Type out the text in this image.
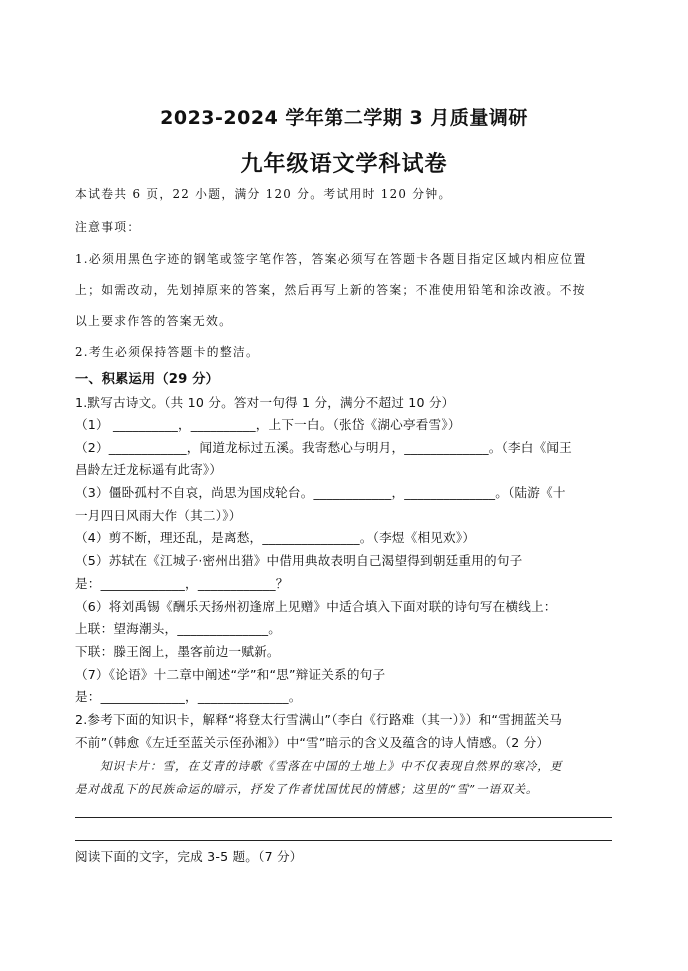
2023-2024 学年第二学期 3 月质量调研
九年级语文学科试卷
本试卷共 6 页，22 小题，满分 120 分。考试用时 120 分钟。
注意事项：
1.必须用黑色字迹的钢笔或签字笔作答，答案必须写在答题卡各题目指定区域内相应位置
上；如需改动，先划掉原来的答案，然后再写上新的答案；不准使用铅笔和涂改液。不按
以上要求作答的答案无效。
2.考生必须保持答题卡的整洁。
一、积累运用（29 分）
1.默写古诗文。（共 10 分。答对一句得 1 分，满分不超过 10 分）
（1） __________，__________，上下一白。（张岱《湖心亭看雪》）
（2）____________，闻道龙标过五溪。我寄愁心与明月，_____________。（李白《闻王
昌龄左迁龙标遥有此寄》）
（3）僵卧孤村不自哀，尚思为国戍轮台。____________，______________。（陆游《十
一月四日风雨大作（其二）》）
（4）剪不断，理还乱，是离愁，_______________。（李煜《相见欢》）
（5）苏轼在《江城子·密州出猎》中借用典故表明自己渴望得到朝廷重用的句子
是：_____________，____________？
（6）将刘禹锡《酬乐天扬州初逢席上见赠》中适合填入下面对联的诗句写在横线上：
上联：望海潮头，______________。
下联：滕王阁上，墨客前边一赋新。
（7）《论语》十二章中阐述“学”和“思”辩证关系的句子
是：_____________，______________。
2.参考下面的知识卡，解释“将登太行雪满山”（李白《行路难（其一）》）和“雪拥蓝关马
不前”（韩愈《左迁至蓝关示侄孙湘》）中“雪”暗示的含义及蕴含的诗人情感。（2 分）
知识卡片：雪，在艾青的诗歌《雪落在中国的土地上》中不仅表现自然界的寒冷，更
是对战乱下的民族命运的暗示，抒发了作者忧国忧民的情感；这里的“雪”一语双关。
阅读下面的文字，完成 3-5 题。（7 分）
